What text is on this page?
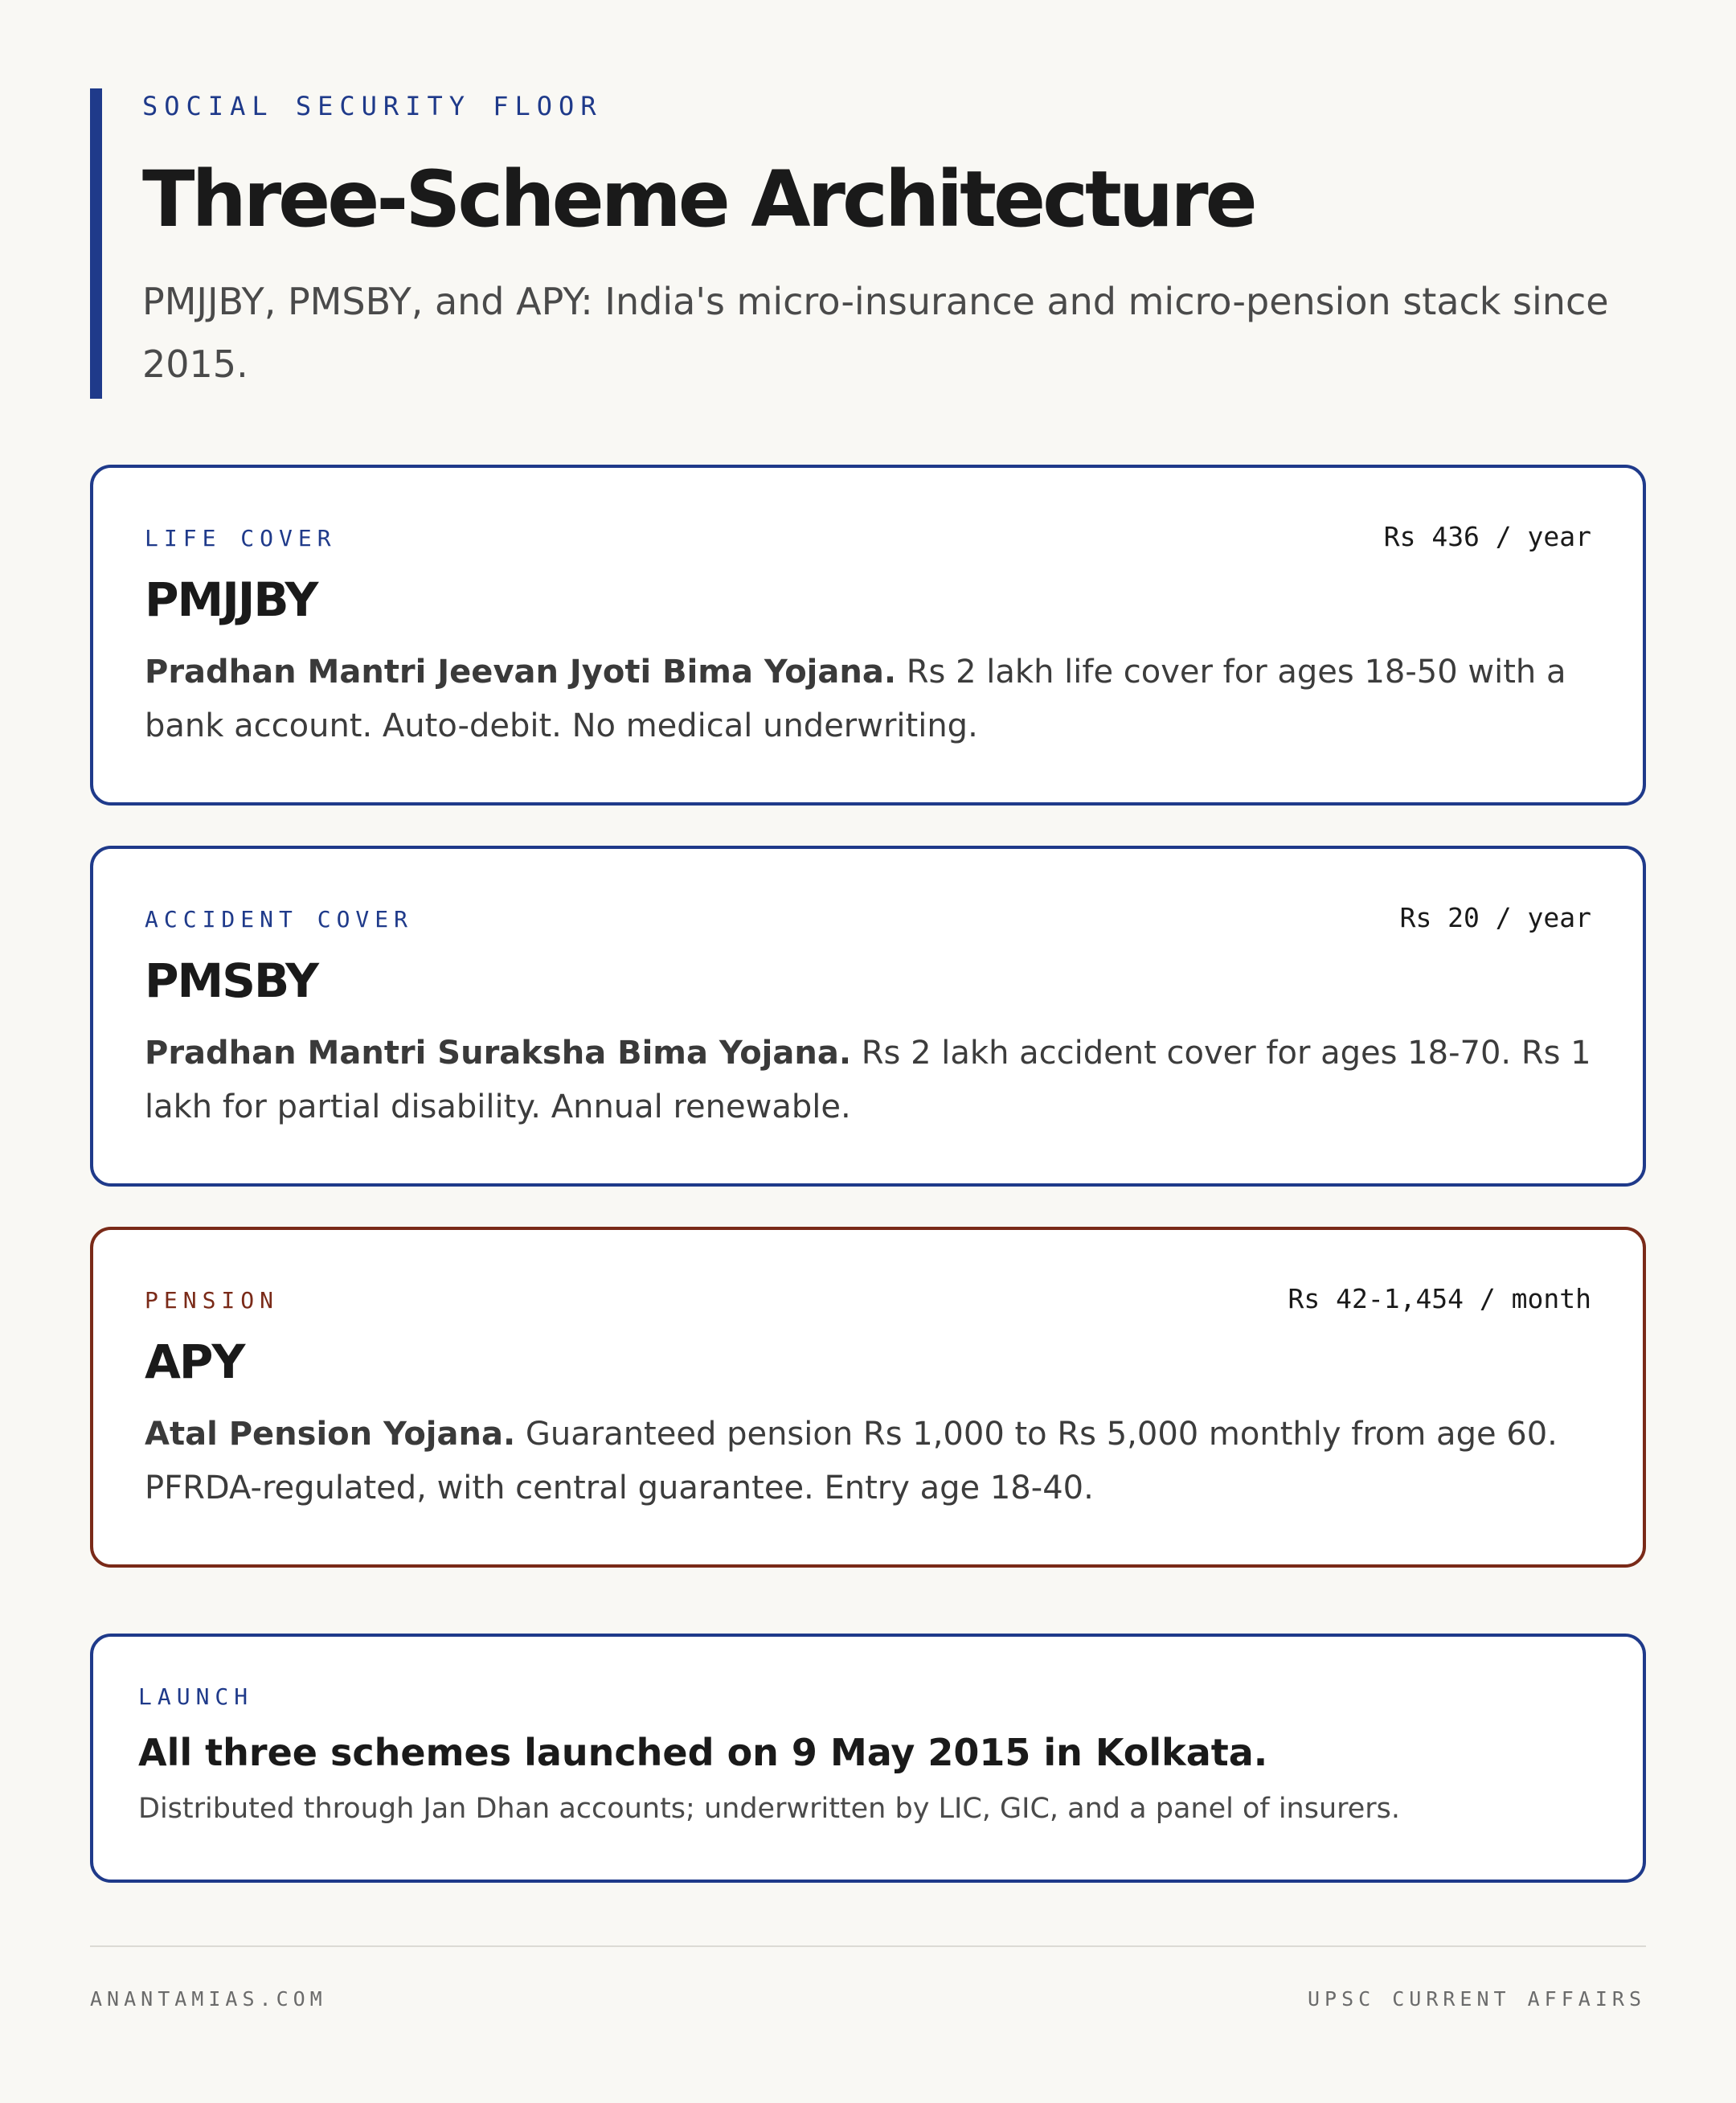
SOCIAL SECURITY FLOOR
Three-Scheme Architecture
PMJJBY, PMSBY, and APY: India's micro-insurance and micro-pension stack since 2015.
LIFE COVER	Rs 436 / year
PMJJBY
Pradhan Mantri Jeevan Jyoti Bima Yojana. Rs 2 lakh life cover for ages 18-50 with a bank account. Auto-debit. No medical underwriting.
ACCIDENT COVER	Rs 20 / year
PMSBY
Pradhan Mantri Suraksha Bima Yojana. Rs 2 lakh accident cover for ages 18-70. Rs 1 lakh for partial disability. Annual renewable.
PENSION	Rs 42-1,454 / month
APY
Atal Pension Yojana. Guaranteed pension Rs 1,000 to Rs 5,000 monthly from age 60. PFRDA-regulated, with central guarantee. Entry age 18-40.
LAUNCH
All three schemes launched on 9 May 2015 in Kolkata.
Distributed through Jan Dhan accounts; underwritten by LIC, GIC, and a panel of insurers.
ANANTAMIAS.COM	UPSC CURRENT AFFAIRS
